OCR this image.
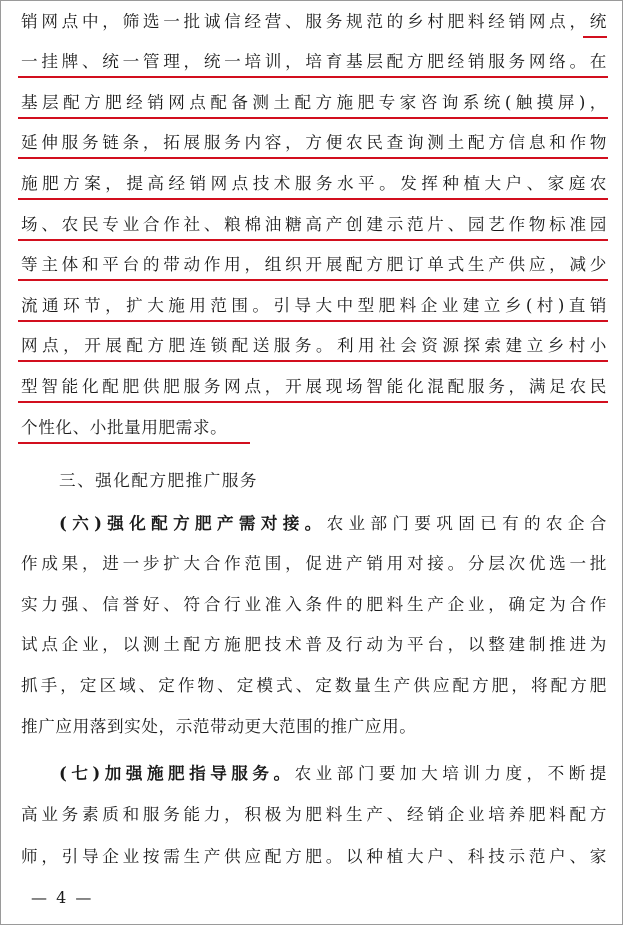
销网点中，筛选一批诚信经营、服务规范的乡村肥料经销网点，统
一挂牌、统一管理，统一培训，培育基层配方肥经销服务网络。在
基层配方肥经销网点配备测土配方施肥专家咨询系统(触摸屏)，
延伸服务链条，拓展服务内容，方便农民查询测土配方信息和作物
施肥方案，提高经销网点技术服务水平。发挥种植大户、家庭农
场、农民专业合作社、粮棉油糖高产创建示范片、园艺作物标准园
等主体和平台的带动作用，组织开展配方肥订单式生产供应，减少
流通环节，扩大施用范围。引导大中型肥料企业建立乡(村)直销
网点，开展配方肥连锁配送服务。利用社会资源探索建立乡村小
型智能化配肥供肥服务网点，开展现场智能化混配服务，满足农民
个性化、小批量用肥需求。
三、强化配方肥推广服务
(六)强化配方肥产需对接。农业部门要巩固已有的农企合
作成果，进一步扩大合作范围，促进产销用对接。分层次优选一批
实力强、信誉好、符合行业准入条件的肥料生产企业，确定为合作
试点企业，以测土配方施肥技术普及行动为平台，以整建制推进为
抓手，定区域、定作物、定模式、定数量生产供应配方肥，将配方肥
推广应用落到实处，示范带动更大范围的推广应用。
(七)加强施肥指导服务。农业部门要加大培训力度，不断提
高业务素质和服务能力，积极为肥料生产、经销企业培养肥料配方
师，引导企业按需生产供应配方肥。以种植大户、科技示范户、家
— 4 —
